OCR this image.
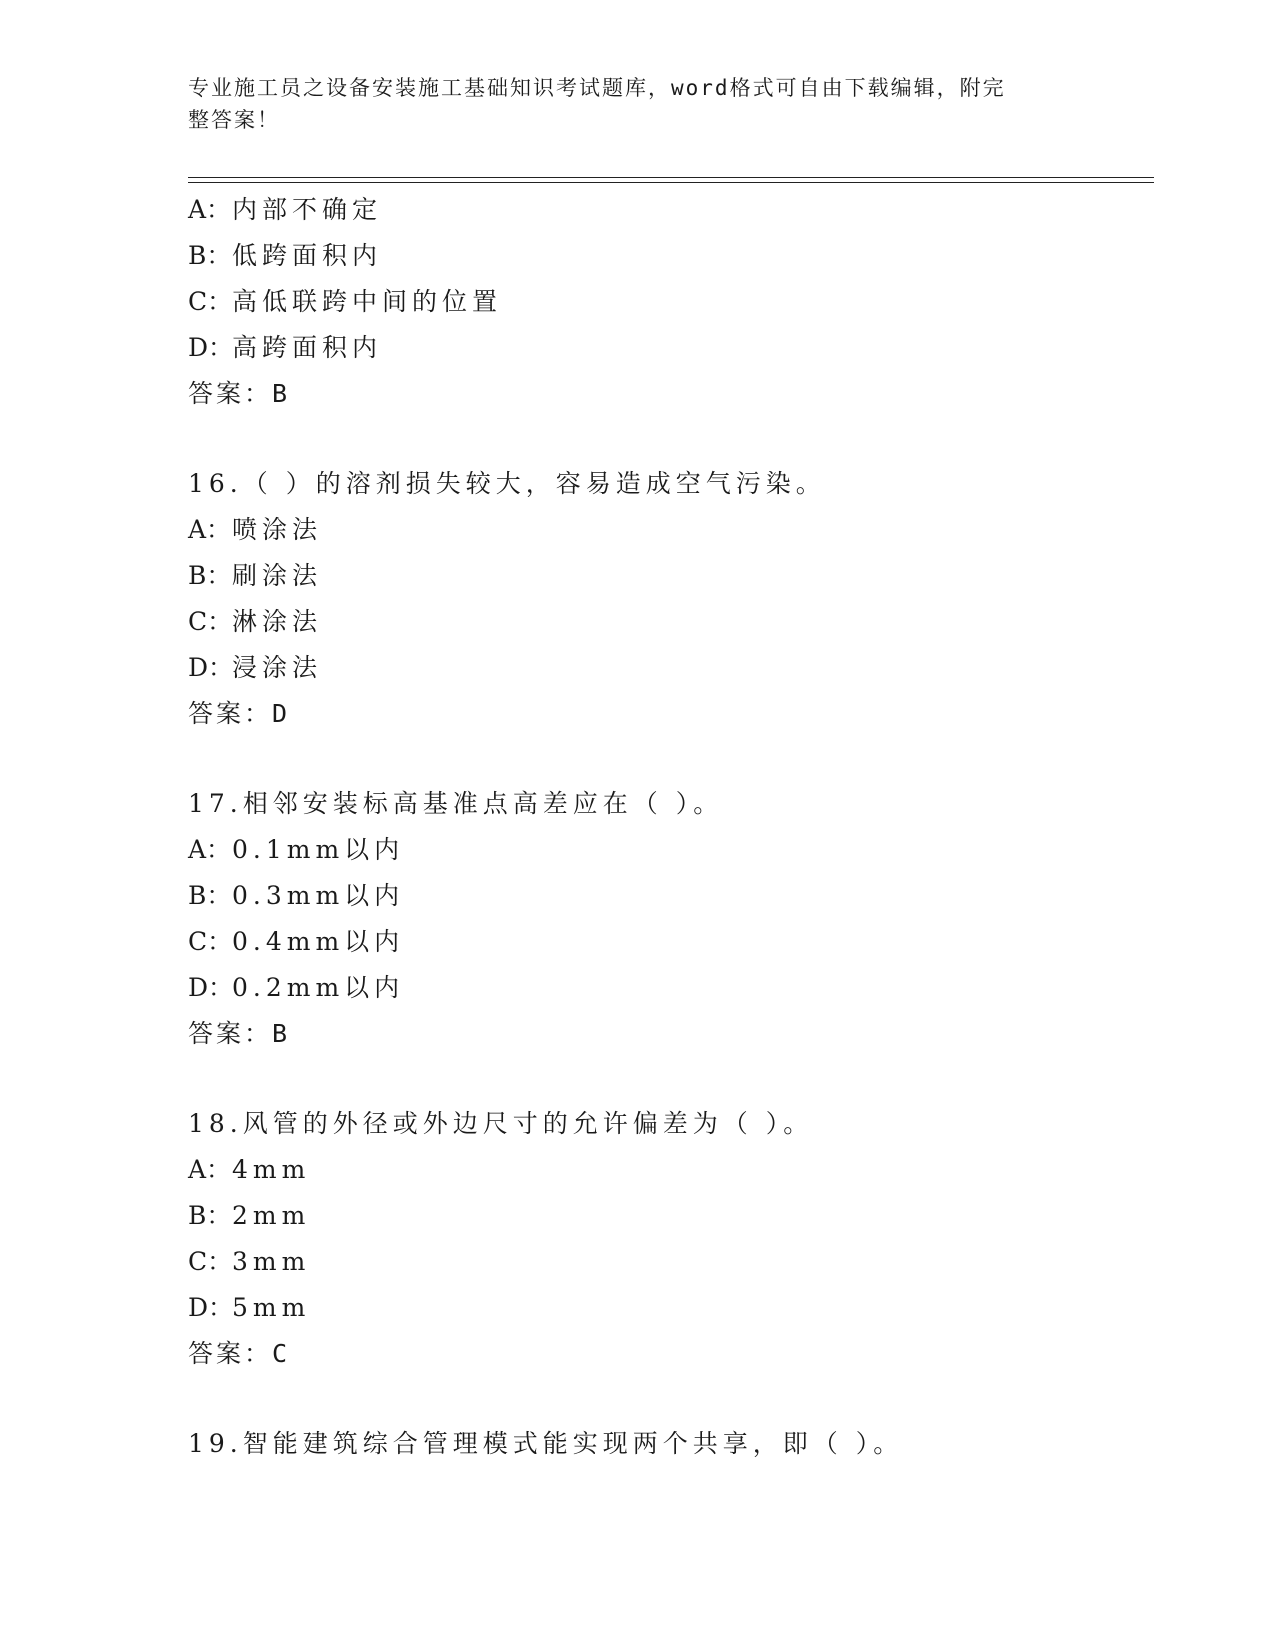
专业施工员之设备安装施工基础知识考试题库，word格式可自由下载编辑，附完
整答案！
A：内部不确定
B：低跨面积内
C：高低联跨中间的位置
D：高跨面积内
答案：B
16.（ ）的溶剂损失较大，容易造成空气污染。
A：喷涂法
B：刷涂法
C：淋涂法
D：浸涂法
答案：D
17.相邻安装标高基准点高差应在（ ）。
A：0.1mm以内
B：0.3mm以内
C：0.4mm以内
D：0.2mm以内
答案：B
18.风管的外径或外边尺寸的允许偏差为（ ）。
A：4mm
B：2mm
C：3mm
D：5mm
答案：C
19.智能建筑综合管理模式能实现两个共享，即（ ）。
